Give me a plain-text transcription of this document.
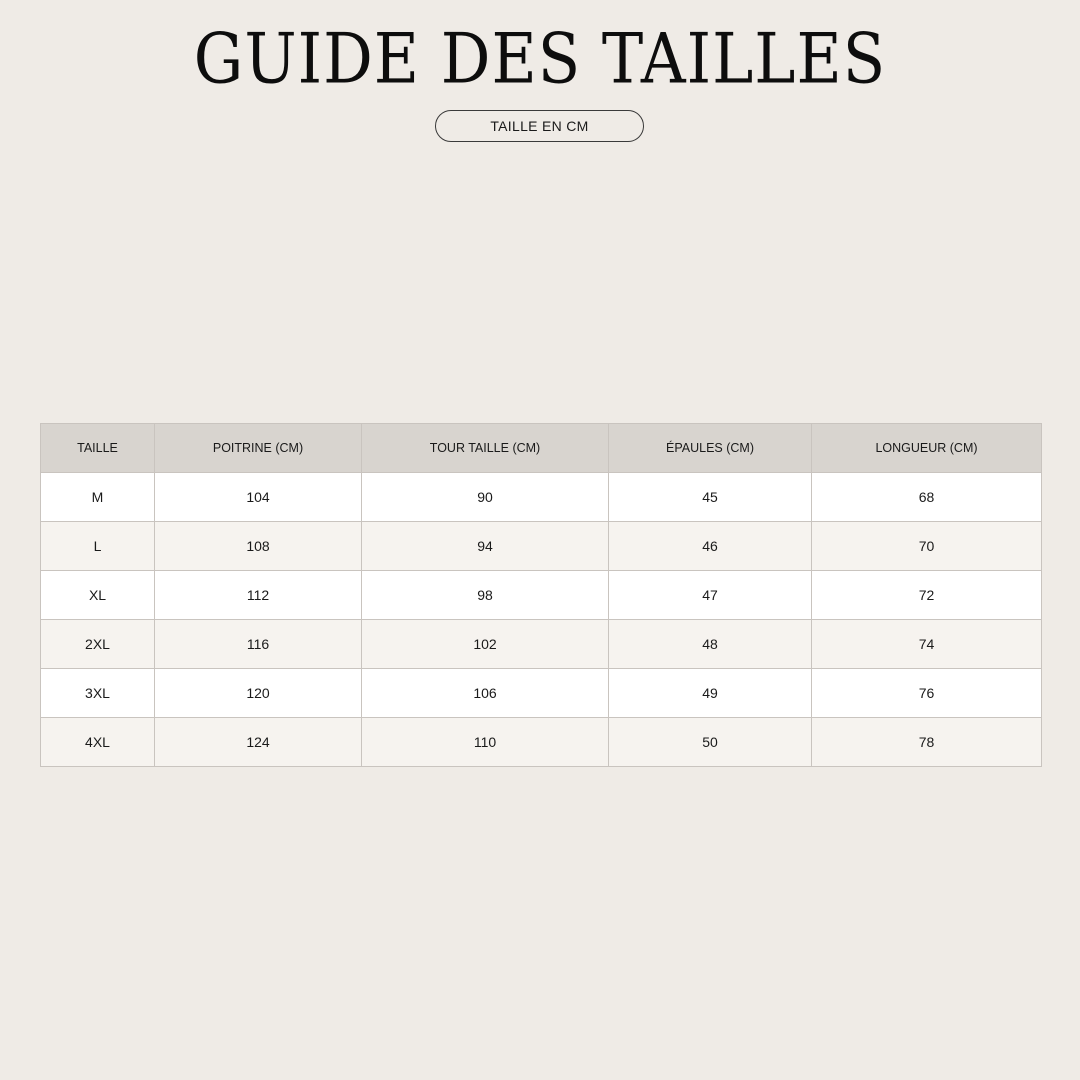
GUIDE DES TAILLES
TAILLE EN CM
TAILLE	POITRINE (CM)	TOUR TAILLE (CM)	ÉPAULES (CM)	LONGUEUR (CM)
M	104	90	45	68
L	108	94	46	70
XL	112	98	47	72
2XL	116	102	48	74
3XL	120	106	49	76
4XL	124	110	50	78
